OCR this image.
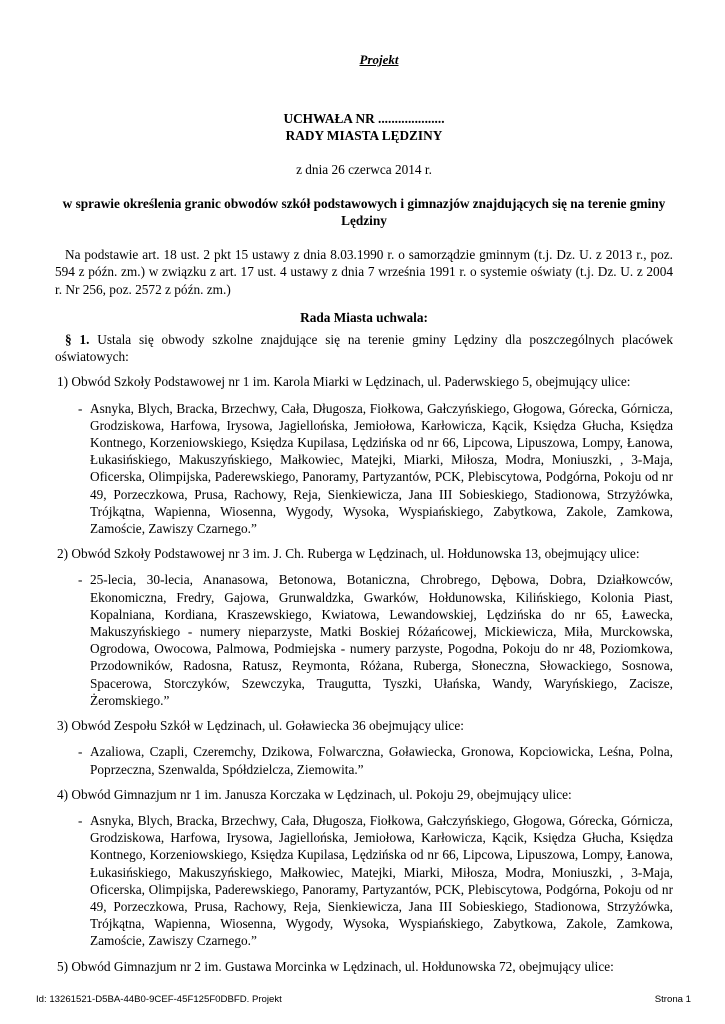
Projekt

UCHWAŁA NR ....................

RADY MIASTA LĘDZINY

z dnia 26 czerwca 2014 r.

w sprawie określenia granic obwodów szkół podstawowych i gimnazjów znajdujących się na terenie gminy Lędziny

Na podstawie art. 18 ust. 2 pkt 15 ustawy z dnia 8.03.1990 r. o samorządzie gminnym (t.j. Dz. U. z 2013 r., poz. 594 z późn. zm.) w związku z art. 17 ust. 4 ustawy z dnia 7 września 1991 r. o systemie oświaty (t.j. Dz. U. z 2004 r. Nr 256, poz. 2572 z późn. zm.)

Rada Miasta uchwala:

§ 1. Ustala się obwody szkolne znajdujące się na terenie gminy Lędziny dla poszczególnych placówek oświatowych:

1) Obwód Szkoły Podstawowej nr 1 im. Karola Miarki w Lędzinach, ul. Paderwskiego 5, obejmujący ulice:

- Asnyka, Blych, Bracka, Brzechwy, Cała, Długosza, Fiołkowa, Gałczyńskiego, Głogowa, Górecka, Górnicza, Grodziskowa, Harfowa, Irysowa, Jagiellońska, Jemiołowa, Karłowicza, Kącik, Księdza Głucha, Księdza Kontnego, Korzeniowskiego, Księdza Kupilasa, Lędzińska od nr 66, Lipcowa, Lipuszowa, Lompy, Łanowa, Łukasińskiego, Makuszyńskiego, Małkowiec, Matejki, Miarki, Miłosza, Modra, Moniuszki, , 3-Maja, Oficerska, Olimpijska, Paderewskiego, Panoramy, Partyzantów, PCK, Plebiscytowa, Podgórna, Pokoju od nr 49, Porzeczkowa, Prusa, Rachowy, Reja, Sienkiewicza, Jana III Sobieskiego, Stadionowa, Strzyżówka, Trójkątna, Wapienna, Wiosenna, Wygody, Wysoka, Wyspiańskiego, Zabytkowa, Zakole, Zamkowa, Zamoście, Zawiszy Czarnego.”

2) Obwód Szkoły Podstawowej nr 3 im. J. Ch. Ruberga w Lędzinach, ul. Hołdunowska 13, obejmujący ulice:

- 25-lecia, 30-lecia, Ananasowa, Betonowa, Botaniczna, Chrobrego, Dębowa, Dobra, Działkowców, Ekonomiczna, Fredry, Gajowa, Grunwaldzka, Gwarków, Hołdunowska, Kilińskiego, Kolonia Piast, Kopalniana, Kordiana, Kraszewskiego, Kwiatowa, Lewandowskiej, Lędzińska do nr 65, Ławecka, Makuszyńskiego - numery nieparzyste, Matki Boskiej Różańcowej, Mickiewicza, Miła, Murckowska, Ogrodowa, Owocowa, Palmowa, Podmiejska - numery parzyste, Pogodna, Pokoju do nr 48, Poziomkowa, Przodowników, Radosna, Ratusz, Reymonta, Różana, Ruberga, Słoneczna, Słowackiego, Sosnowa, Spacerowa, Storczyków, Szewczyka, Traugutta, Tyszki, Ułańska, Wandy, Waryńskiego, Zacisze, Żeromskiego.”

3) Obwód Zespołu Szkół w Lędzinach, ul. Goławiecka 36 obejmujący ulice:

- Azaliowa, Czapli, Czeremchy, Dzikowa, Folwarczna, Goławiecka, Gronowa, Kopciowicka, Leśna, Polna, Poprzeczna, Szenwalda, Spółdzielcza, Ziemowita.”

4) Obwód Gimnazjum nr 1 im. Janusza Korczaka w Lędzinach, ul. Pokoju 29, obejmujący ulice:

- Asnyka, Blych, Bracka, Brzechwy, Cała, Długosza, Fiołkowa, Gałczyńskiego, Głogowa, Górecka, Górnicza, Grodziskowa, Harfowa, Irysowa, Jagiellońska, Jemiołowa, Karłowicza, Kącik, Księdza Głucha, Księdza Kontnego, Korzeniowskiego, Księdza Kupilasa, Lędzińska od nr 66, Lipcowa, Lipuszowa, Lompy, Łanowa, Łukasińskiego, Makuszyńskiego, Małkowiec, Matejki, Miarki, Miłosza, Modra, Moniuszki, , 3-Maja, Oficerska, Olimpijska, Paderewskiego, Panoramy, Partyzantów, PCK, Plebiscytowa, Podgórna, Pokoju od nr 49, Porzeczkowa, Prusa, Rachowy, Reja, Sienkiewicza, Jana III Sobieskiego, Stadionowa, Strzyżówka, Trójkątna, Wapienna, Wiosenna, Wygody, Wysoka, Wyspiańskiego, Zabytkowa, Zakole, Zamkowa, Zamoście, Zawiszy Czarnego.”

5) Obwód Gimnazjum nr 2 im. Gustawa Morcinka w Lędzinach, ul. Hołdunowska 72, obejmujący ulice:

Id: 13261521-D5BA-44B0-9CEF-45F125F0DBFD. Projekt	Strona 1
